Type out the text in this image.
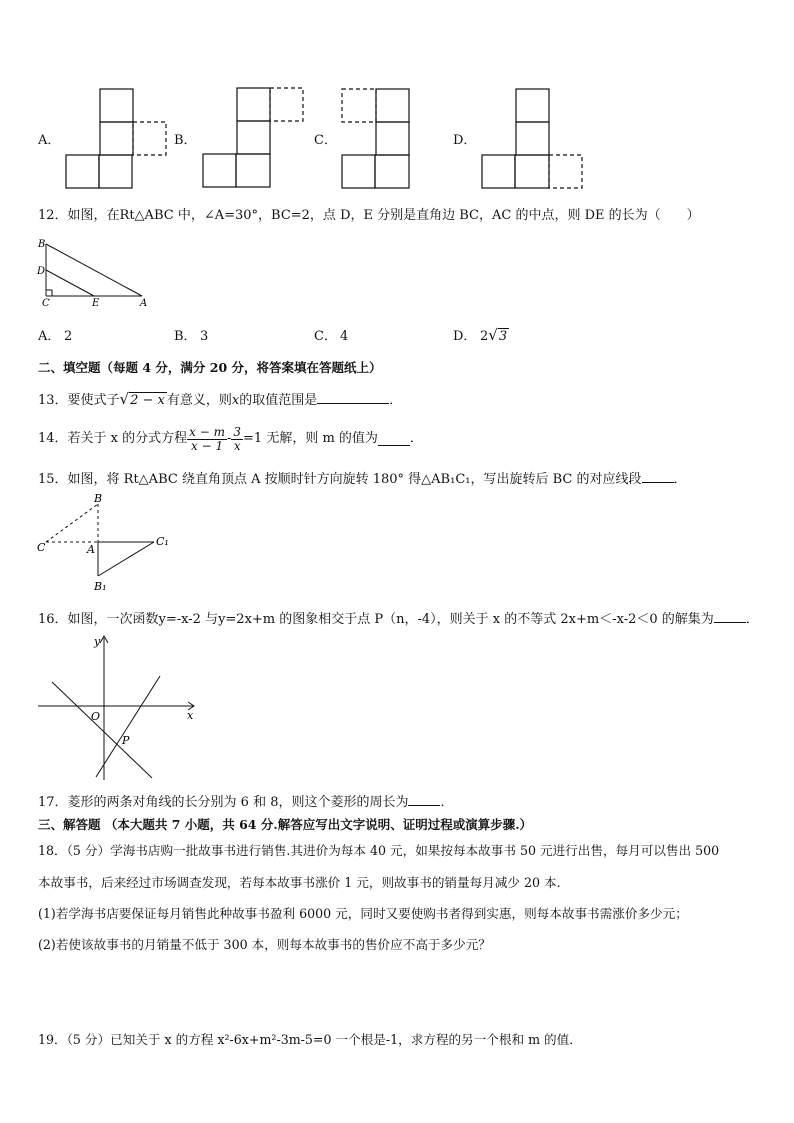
A．	B．	C．	D．
12．如图，在Rt△ABC 中，∠A=30°，BC=2，点 D，E 分别是直角边 BC，AC 的中点，则 DE 的长为（　　）
B
D
C	E	A
A． 2	B． 3	C． 4	D． 2√3
二、填空题（每题 4 分，满分 20 分，将答案填在答题纸上）
13．要使式子√2 − x 有意义，则x的取值范围是	．
14．若关于 x 的分式方程 $\frac{x - m}{x - 1} - \frac{3}{x} =1$ 无解，则 m 的值为 ．
15．如图，将 Rt△ABC 绕直角顶点 A 按顺时针方向旋转 180° 得△AB₁C₁，写出旋转后 BC 的对应线段 ．
B
C	A
C₁
B₁
16．如图，一次函数y=-x-2 与y=2x+m 的图象相交于点 P（n，-4），则关于 x 的不等式 2x+m＜-x-2＜0 的解集为 ．
y
x
O
P
17．菱形的两条对角线的长分别为 6 和 8，则这个菱形的周长为 ．
三、解答题 （本大题共 7 小题，共 64 分.解答应写出文字说明、证明过程或演算步骤.）
18．（5 分）学海书店购一批故事书进行销售.其进价为每本 40 元，如果按每本故事书 50 元进行出售，每月可以售出 500
本故事书，后来经过市场调查发现，若每本故事书涨价 1 元，则故事书的销量每月减少 20 本.
(1)若学海书店要保证每月销售此种故事书盈利 6000 元，同时又要使购书者得到实惠，则每本故事书需涨价多少元；
(2)若使该故事书的月销量不低于 300 本，则每本故事书的售价应不高于多少元？
19．（5 分）已知关于 x 的方程 x²-6x+m²-3m-5=0 一个根是-1，求方程的另一个根和 m 的值．
